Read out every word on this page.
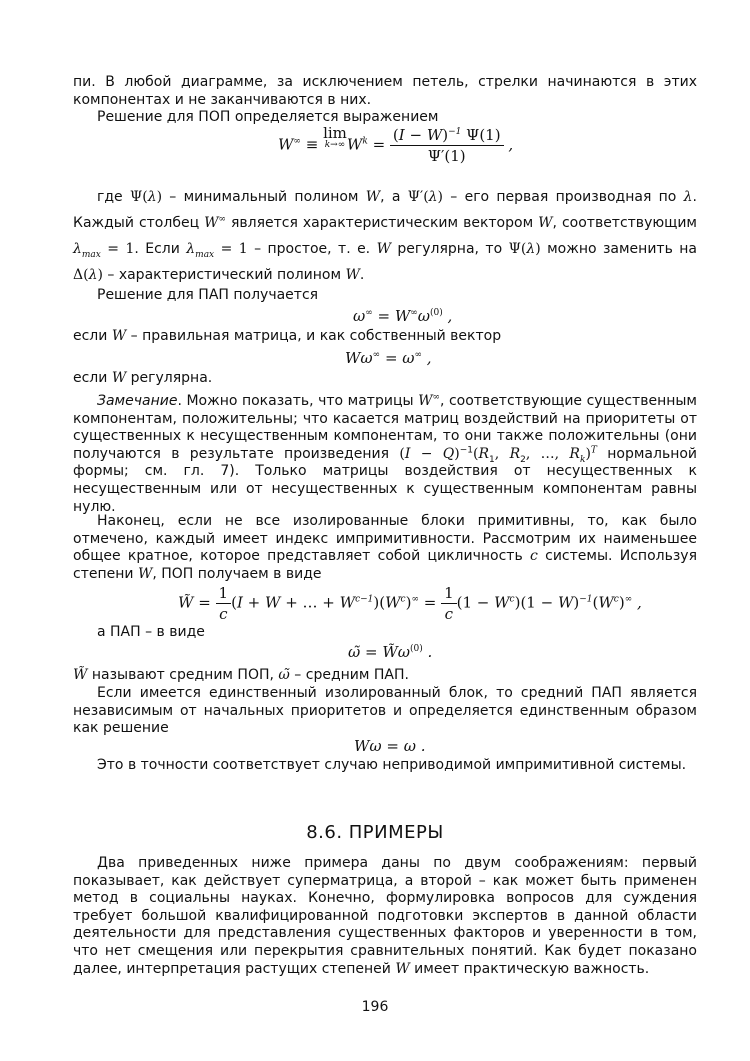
пи. В любой диаграмме, за исключением петель, стрелки начинаются в этих компонентах и не заканчиваются в них.
Решение для ПОП определяется выражением
W∞ ≡ lim
k→∞ $W^k = \frac{(I - W)^{-1} \Psi(1)}{\Psi'(1)}$ ,
где Ψ(λ) – минимальный полином W, а Ψ′(λ) – его первая производная по λ. Каждый столбец W∞ является характеристическим вектором W, соответствующим $\lambda_{max} = 1$. Если $\lambda_{max} = 1$ – простое, т. е. W регулярна, то Ψ(λ) можно заменить на Δ(λ) – характеристический полином W.
Решение для ПАП получается
$\omega^\infty = W^\infty\omega^{(0)}$ ,
если W – правильная матрица, и как собственный вектор
Wω∞ = ω∞ ,
если W регулярна.
Замечание. Можно показать, что матрицы W∞, соответствующие существенным компонентам, положительны; что касается матриц воздействий на приоритеты от существенных к несущественным компонентам, то они также положительны (они получаются в результате произведения $(I - Q)^{-1}(R_1$, $R_2$, …, $R_k)^T$ нормальной формы; см. гл. 7). Только матрицы воздействия от несущественных к несущественным или от несущественных к существенным компонентам равны нулю.
Наконец, если не все изолированные блоки примитивны, то, как было отмечено, каждый имеет индекс импримитивности. Рассмотрим их наименьшее общее кратное, которое представляет собой цикличность c системы. Используя степени W, ПОП получаем в виде
W̃ = $\frac{1}{c} (I + W$ + … + $W^{c-1})(W^c)^\infty = \frac{1}{c} (1 - W^c)(1 - W)^{-1}(W^c)^\infty$ ,
а ПАП – в виде
ω̃ = $W̃\omega^{(0)}$ .
W̃ называют средним ПОП, ω̃ – средним ПАП.
Если имеется единственный изолированный блок, то средний ПАП является независимым от начальных приоритетов и определяется единственным образом как решение
Wω = ω .
Это в точности соответствует случаю неприводимой импримитивной системы.
8.6. ПРИМЕРЫ
Два приведенных ниже примера даны по двум соображениям: первый показывает, как действует суперматрица, а второй – как может быть применен метод в социальны науках. Конечно, формулировка вопросов для суждения требует большой квалифицированной подготовки экспертов в данной области деятельности для представления существенных факторов и уверенности в том, что нет смещения или перекрытия сравнительных понятий. Как будет показано далее, интерпретация растущих степеней W имеет практическую важность.
196
